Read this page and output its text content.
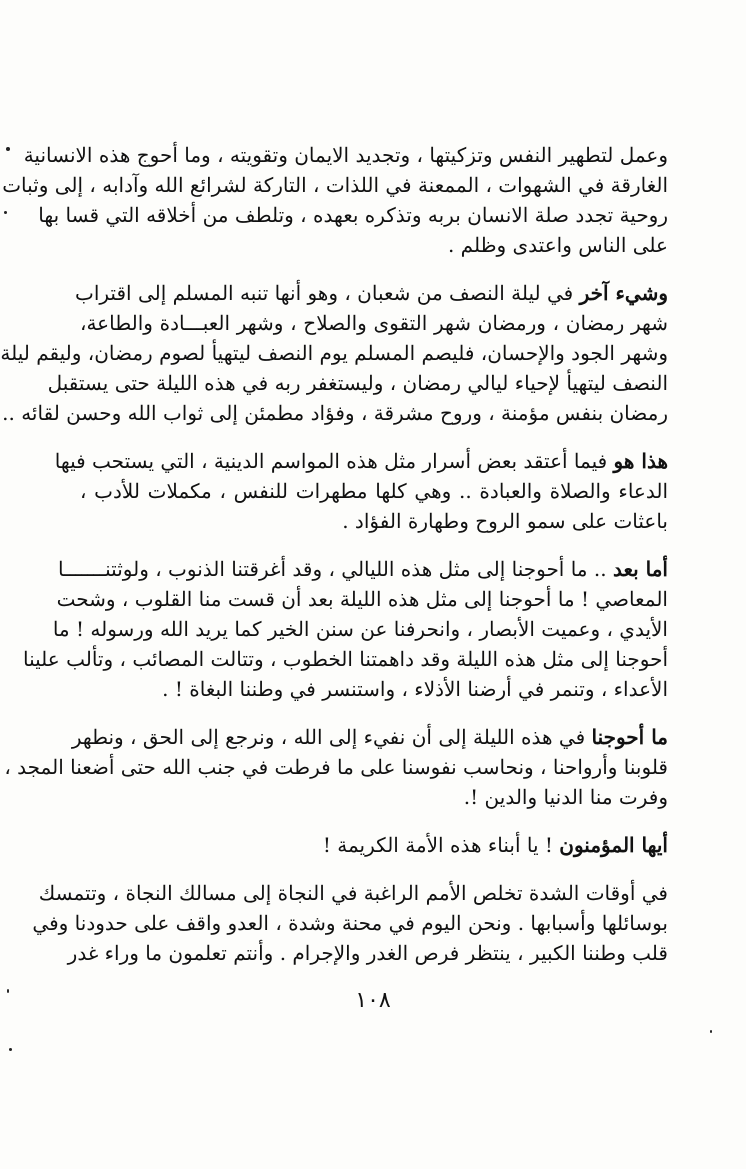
وعمل لتطهير النفس وتزكيتها ، وتجديد الايمان وتقويته ، وما أحوج هذه الانسانية
الغارقة في الشهوات ، الممعنة في اللذات ، التاركة لشرائع الله وآدابه ، إلى وثبات
روحية تجدد صلة الانسان بربه وتذكره بعهده ، وتلطف من أخلاقه التي قسا بها
على الناس واعتدى وظلم .

وشيء آخر في ليلة النصف من شعبان ، وهو أنها تنبه المسلم إلى اقتراب
شهر رمضان ، ورمضان شهر التقوى والصلاح ، وشهر العبـــادة والطاعة،
وشهر الجود والإحسان، فليصم المسلم يوم النصف ليتهيأ لصوم رمضان، وليقم ليلة
النصف ليتهيأ لإحياء ليالي رمضان ، وليستغفر ربه في هذه الليلة حتى يستقبل
رمضان بنفس مؤمنة ، وروح مشرقة ، وفؤاد مطمئن إلى ثواب الله وحسن لقائه ..

هذا هو فيما أعتقد بعض أسرار مثل هذه المواسم الدينية ، التي يستحب فيها
الدعاء والصلاة والعبادة .. وهي كلها مطهرات للنفس ، مكملات للأدب ،
باعثات على سمو الروح وطهارة الفؤاد .

أما بعد .. ما أحوجنا إلى مثل هذه الليالي ، وقد أغرقتنا الذنوب ، ولوثتنـــــــا
المعاصي ! ما أحوجنا إلى مثل هذه الليلة بعد أن قست منا القلوب ، وشحت
الأيدي ، وعميت الأبصار ، وانحرفنا عن سنن الخير كما يريد الله ورسوله ! ما
أحوجنا إلى مثل هذه الليلة وقد داهمتنا الخطوب ، وتتالت المصائب ، وتألب علينا
الأعداء ، وتنمر في أرضنا الأذلاء ، واستنسر في وطننا البغاة ! .

ما أحوجنا في هذه الليلة إلى أن نفيء إلى الله ، ونرجع إلى الحق ، ونطهر
قلوبنا وأرواحنا ، ونحاسب نفوسنا على ما فرطت في جنب الله حتى أضعنا المجد ،
وفرت منا الدنيا والدين !.

أيها المؤمنون ! يا أبناء هذه الأمة الكريمة !

في أوقات الشدة تخلص الأمم الراغبة في النجاة إلى مسالك النجاة ، وتتمسك
بوسائلها وأسبابها . ونحن اليوم في محنة وشدة ، العدو واقف على حدودنا وفي
قلب وطننا الكبير ، ينتظر فرص الغدر والإجرام . وأنتم تعلمون ما وراء غدر

١٠٨
